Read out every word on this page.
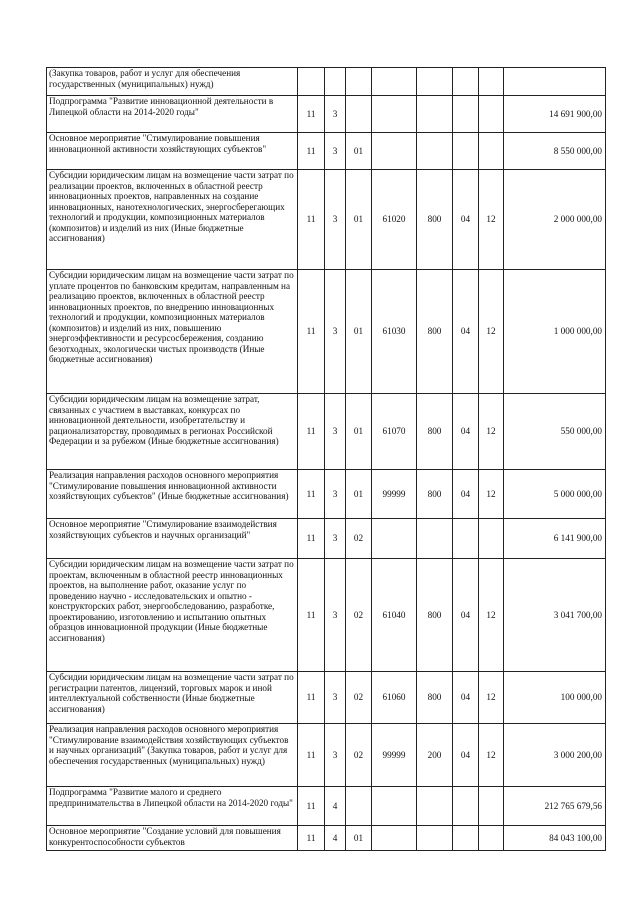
(Закупка товаров, работ и услуг для обеспечения государственных (муниципальных) нужд)								
Подпрограмма "Развитие инновационной деятельности в Липецкой области на 2014-2020 годы"	11	3						14 691 900,00
Основное мероприятие "Стимулирование повышения инновационной активности хозяйствующих субъектов"	11	3	01					8 550 000,00
Субсидии юридическим лицам на возмещение части затрат по реализации проектов, включенных в областной реестр инновационных проектов, направленных на создание инновационных, нанотехнологических, энергосберегающих технологий и продукции, композиционных материалов (композитов) и изделий из них (Иные бюджетные ассигнования)	11	3	01	61020	800	04	12	2 000 000,00
Субсидии юридическим лицам на возмещение части затрат по уплате процентов по банковским кредитам, направленным на реализацию проектов, включенных в областной реестр инновационных проектов, по внедрению инновационных технологий и продукции, композиционных материалов (композитов) и изделий из них, повышению энергоэффективности и ресурсосбережения, созданию безотходных, экологически чистых производств (Иные бюджетные ассигнования)	11	3	01	61030	800	04	12	1 000 000,00
Субсидии юридическим лицам на возмещение затрат, связанных с участием в выставках, конкурсах по инновационной деятельности, изобретательству и рационализаторству, проводимых в регионах Российской Федерации и за рубежом (Иные бюджетные ассигнования)	11	3	01	61070	800	04	12	550 000,00
Реализация направления расходов основного мероприятия "Стимулирование повышения инновационной активности хозяйствующих субъектов" (Иные бюджетные ассигнования)	11	3	01	99999	800	04	12	5 000 000,00
Основное мероприятие "Стимулирование взаимодействия хозяйствующих субъектов и научных организаций"	11	3	02					6 141 900,00
Субсидии юридическим лицам на возмещение части затрат по проектам, включенным в областной реестр инновационных проектов, на выполнение работ, оказание услуг по проведению научно - исследовательских и опытно - конструкторских работ, энергообследованию, разработке, проектированию, изготовлению и испытанию опытных образцов инновационной продукции (Иные бюджетные ассигнования)	11	3	02	61040	800	04	12	3 041 700,00
Субсидии юридическим лицам на возмещение части затрат по регистрации патентов, лицензий, торговых марок и иной интеллектуальной собственности (Иные бюджетные ассигнования)	11	3	02	61060	800	04	12	100 000,00
Реализация направления расходов основного мероприятия "Стимулирование взаимодействия хозяйствующих субъектов и научных организаций" (Закупка товаров, работ и услуг для обеспечения государственных (муниципальных) нужд)	11	3	02	99999	200	04	12	3 000 200,00
Подпрограмма "Развитие малого и среднего предпринимательства в Липецкой области на 2014-2020 годы"	11	4						212 765 679,56
Основное мероприятие "Создание условий для повышения конкурентоспособности субъектов	11	4	01					84 043 100,00
